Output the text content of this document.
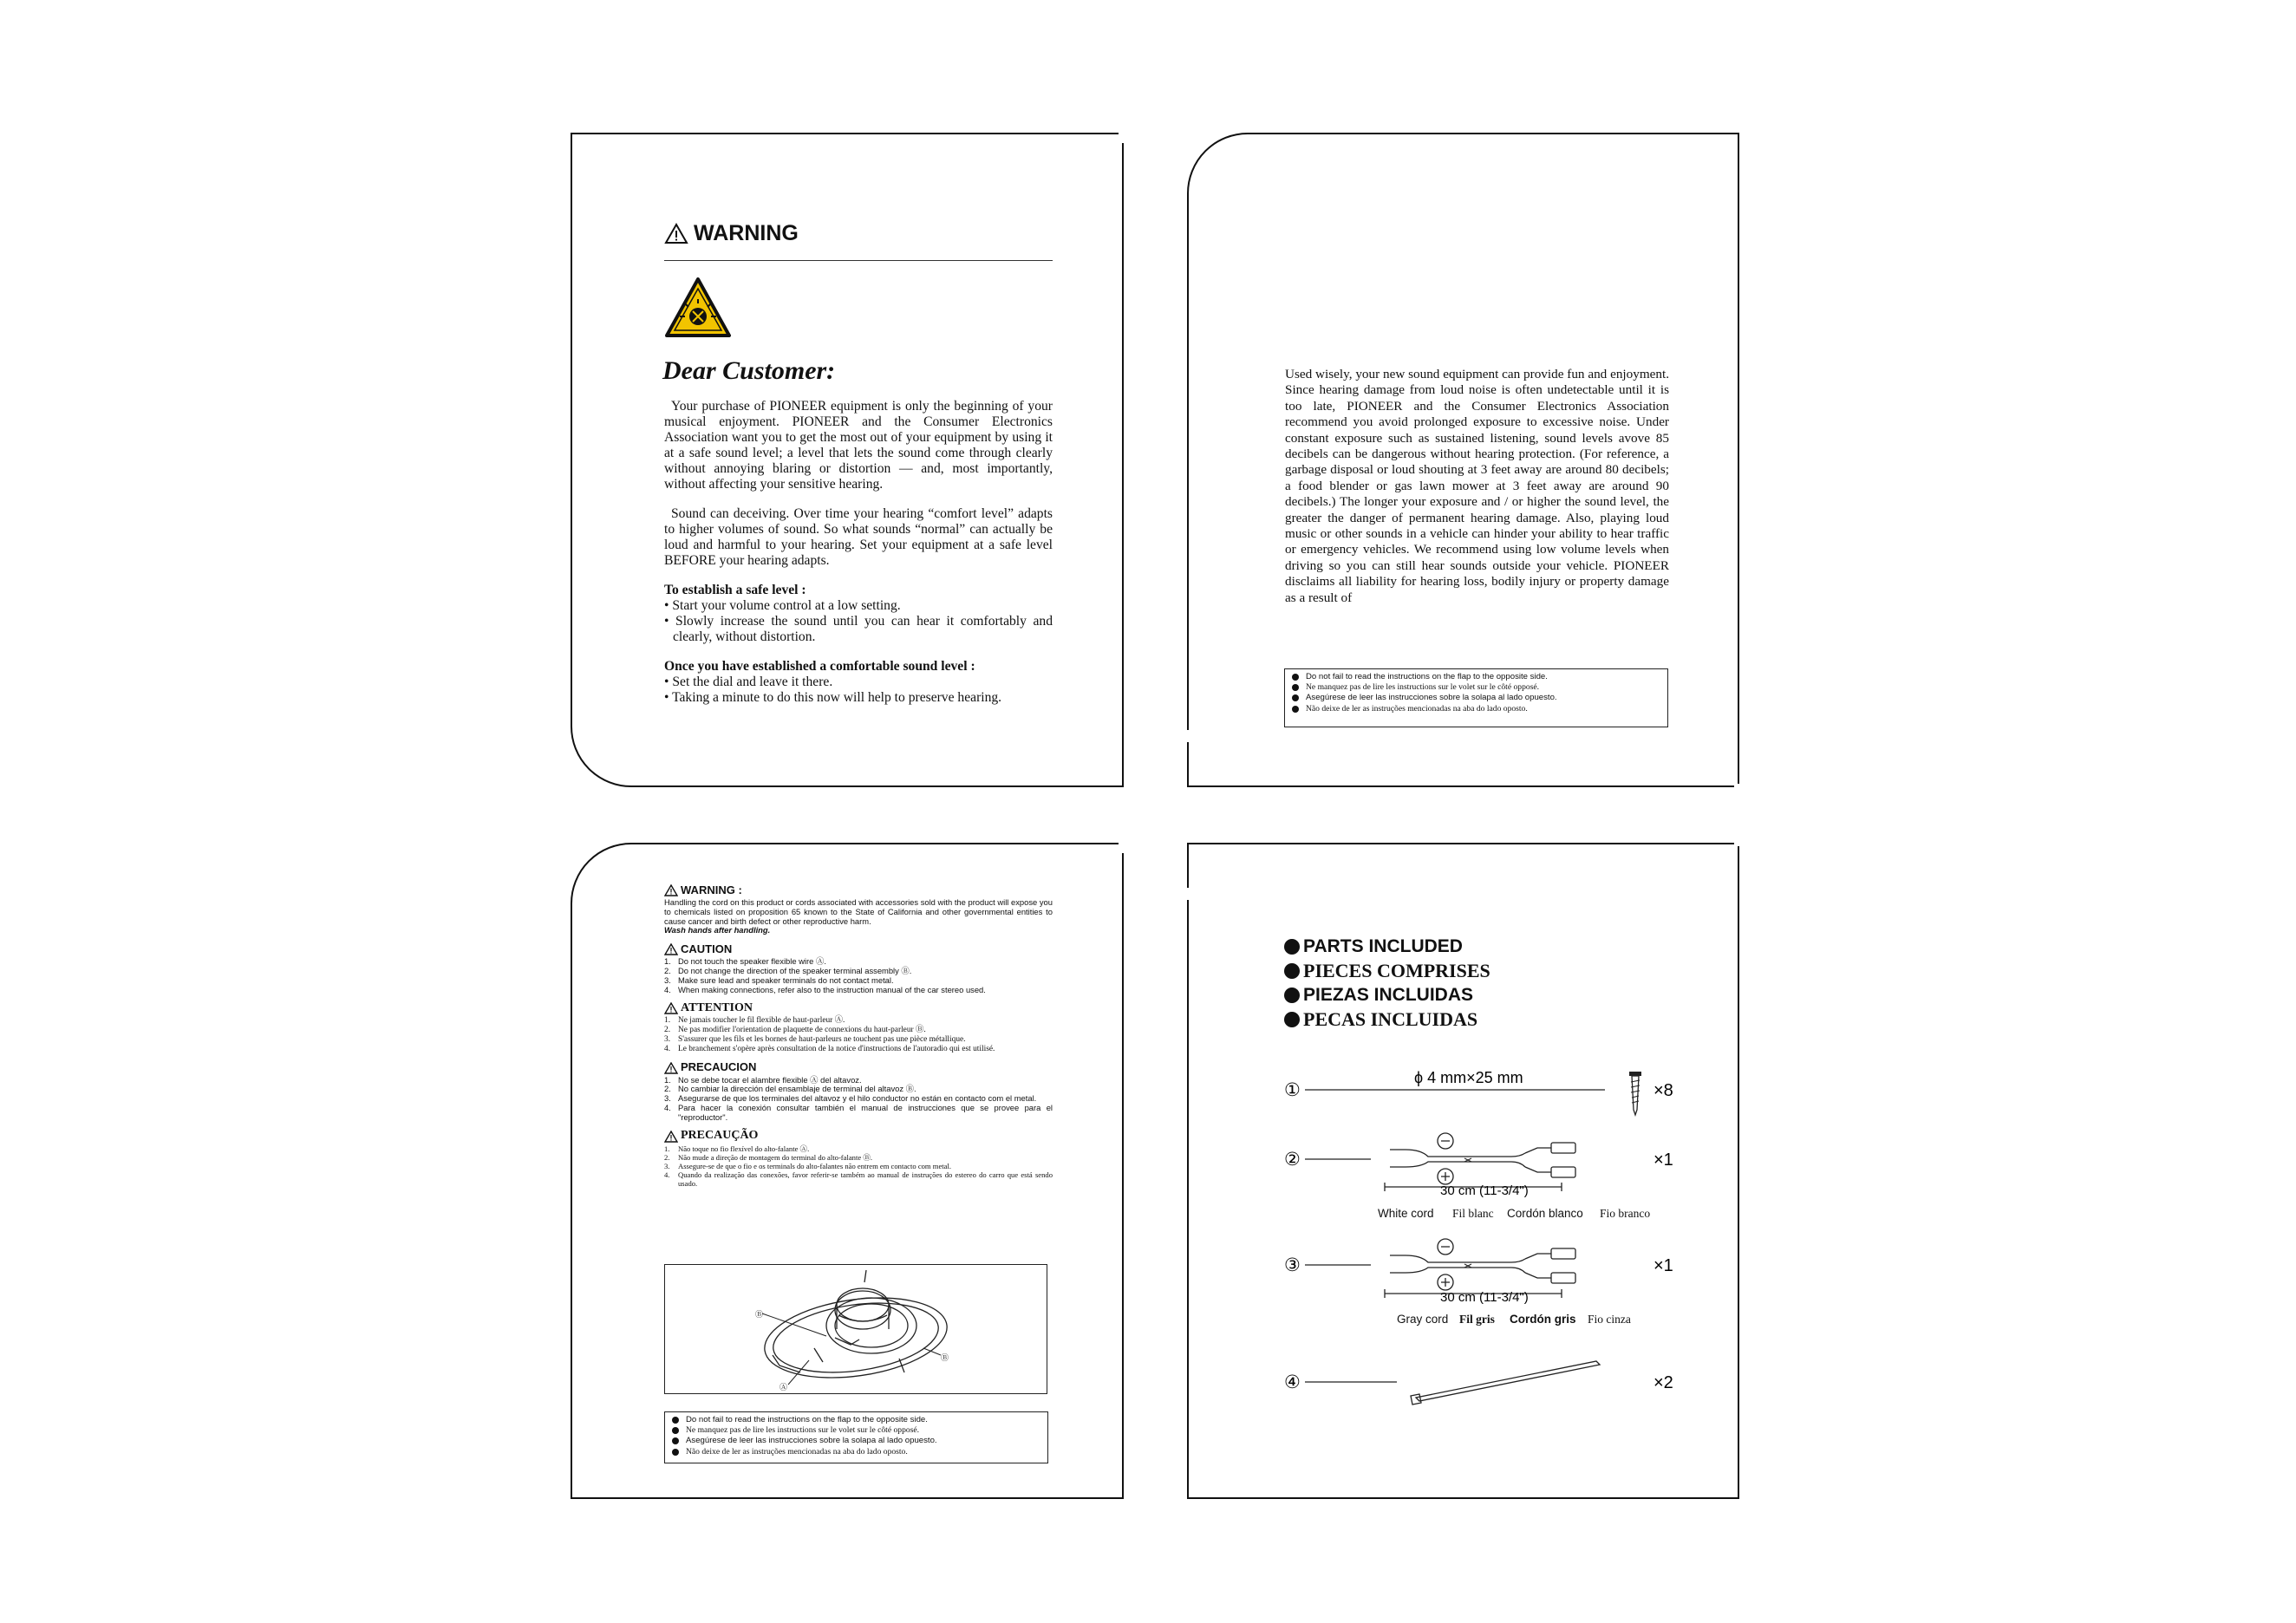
WARNING
Dear Customer:

Your purchase of PIONEER equipment is only the beginning of your musical enjoyment. PIONEER and the Consumer Electronics Association want you to get the most out of your equipment by using it at a safe sound level; a level that lets the sound come through clearly without annoying blaring or distortion — and, most importantly, without affecting your sensitive hearing.

Sound can deceiving. Over time your hearing “comfort level” adapts to higher volumes of sound. So what sounds “normal” can actually be loud and harmful to your hearing. Set your equipment at a safe level BEFORE your hearing adapts.

To establish a safe level :

• Start your volume control at a low setting.
• Slowly increase the sound until you can hear it comfortably and clearly, without distortion.

Once you have established a comfortable sound level :

• Set the dial and leave it there.
• Taking a minute to do this now will help to preserve hearing.

Used wisely, your new sound equipment can provide fun and enjoyment. Since hearing damage from loud noise is often undetectable until it is too late, PIONEER and the Consumer Electronics Association recommend you avoid prolonged exposure to excessive noise. Under constant exposure such as sustained listening, sound levels avove 85 decibels can be dangerous without hearing protection. (For reference, a garbage disposal or loud shouting at 3 feet away are around 80 decibels; a food blender or gas lawn mower at 3 feet away are around 90 decibels.) The longer your exposure and / or higher the sound level, the greater the danger of permanent hearing damage. Also, playing loud music or other sounds in a vehicle can hinder your ability to hear traffic or emergency vehicles. We recommend using low volume levels when driving so you can still hear sounds outside your vehicle. PIONEER disclaims all liability for hearing loss, bodily injury or property damage as a result of

Do not fail to read the instructions on the flap to the opposite side.
Ne manquez pas de lire les instructions sur le volet sur le côté opposé.
Asegúrese de leer las instrucciones sobre la solapa al lado opuesto.
Não deixe de ler as instruções mencionadas na aba do lado oposto.
WARNING :

Handling the cord on this product or cords associated with accessories sold with the product will expose you to chemicals listed on proposition 65 known to the State of California and other governmental entities to cause cancer and birth defect or other reproductive harm.

Wash hands after handling.

CAUTION
1. Do not touch the speaker flexible wire Ⓐ.
2. Do not change the direction of the speaker terminal assembly Ⓑ.
3. Make sure lead and speaker terminals do not contact metal.
4. When making connections, refer also to the instruction manual of the car stereo used.
ATTENTION
1. Ne jamais toucher le fil flexible de haut-parleur Ⓐ.
2. Ne pas modifier l'orientation de plaquette de connexions du haut-parleur Ⓑ.
3. S'assurer que les fils et les bornes de haut-parleurs ne touchent pas une pièce métallique.
4. Le branchement s'opère après consultation de la notice d'instructions de l'autoradio qui est utilisé.
PRECAUCION
1. No se debe tocar el alambre flexible Ⓐ del altavoz.
2. No cambiar la dirección del ensamblaje de terminal del altavoz Ⓑ.
3. Asegurarse de que los terminales del altavoz y el hilo conductor no están en contacto com el metal.
4. Para hacer la conexión consultar también el manual de instrucciones que se provee para el "reproductor".
PRECAUÇÃO
1.	Não toque no fio flexível do alto-falante Ⓐ.
2.	Não mude a direção de montagem do terminal do alto-falante Ⓑ.
3.	Assegure-se de que o fio e os terminals do alto-falantes não entrem em contacto com metal.
4.	Quando da realização das conexões, favor referir-se também ao manual de instruções do estereo do carro que está sendo usado.
Ⓑ
Ⓑ
Ⓐ
Do not fail to read the instructions on the flap to the opposite side.
Ne manquez pas de lire les instructions sur le volet sur le côté opposé.
Asegúrese de leer las instrucciones sobre la solapa al lado opuesto.
Não deixe de ler as instruções mencionadas na aba do lado oposto.
PARTS INCLUDED
PIECES COMPRISES
PIEZAS INCLUIDAS
PECAS INCLUIDAS
①
ϕ 4 mm×25 mm
×8
②
30 cm (11-3/4")
×1
③
30 cm (11-3/4")
×1
④	×2
White cord Fil blanc Cordón blanco Fio branco
Gray cord Fil gris Cordón gris Fio cinza
